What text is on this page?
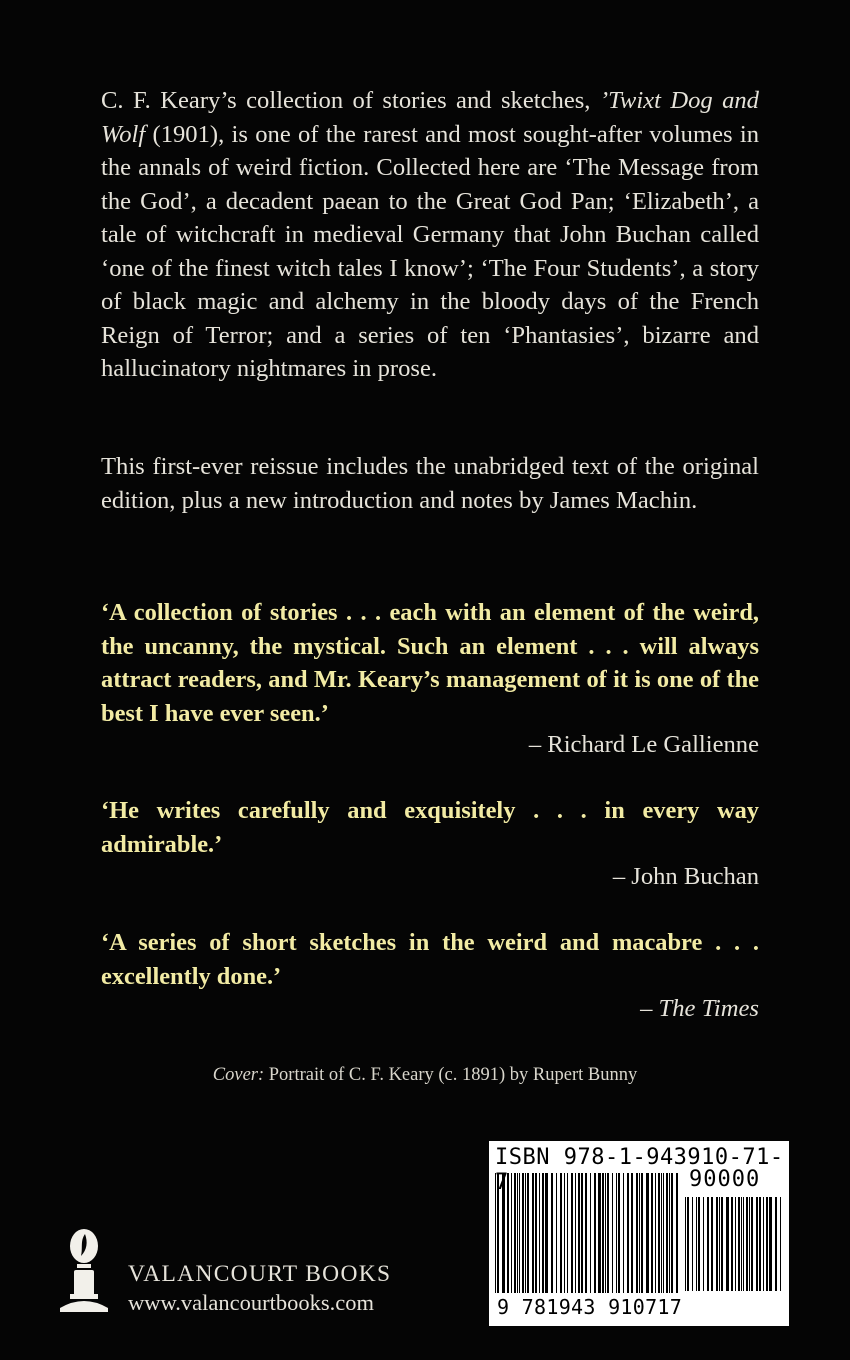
C. F. Keary’s collection of stories and sketches, ’Twixt Dog and Wolf (1901), is one of the rarest and most sought-after volumes in the annals of weird fiction. Collected here are ‘The Message from the God’, a decadent paean to the Great God Pan; ‘Elizabeth’, a tale of witchcraft in medieval Germany that John Buchan called ‘one of the finest witch tales I know’; ‘The Four Students’, a story of black magic and alchemy in the bloody days of the French Reign of Terror; and a series of ten ‘Phantasies’, bizarre and hallucinatory nightmares in prose.

This first-ever reissue includes the unabridged text of the original edition, plus a new introduction and notes by James Machin.

‘A collection of stories . . . each with an element of the weird, the uncanny, the mystical. Such an element . . . will always attract readers, and Mr. Keary’s management of it is one of the best I have ever seen.’

– Richard Le Gallienne

‘He writes carefully and exquisitely . . . in every way admirable.’

– John Buchan

‘A series of short sketches in the weird and macabre . . . excellently done.’

– The Times
Cover: Portrait of C. F. Keary (c. 1891) by Rupert Bunny
VALANCOURT BOOKS
www.valancourtbooks.com
ISBN 978-1-943910-71-7	90000
9 781943 910717
